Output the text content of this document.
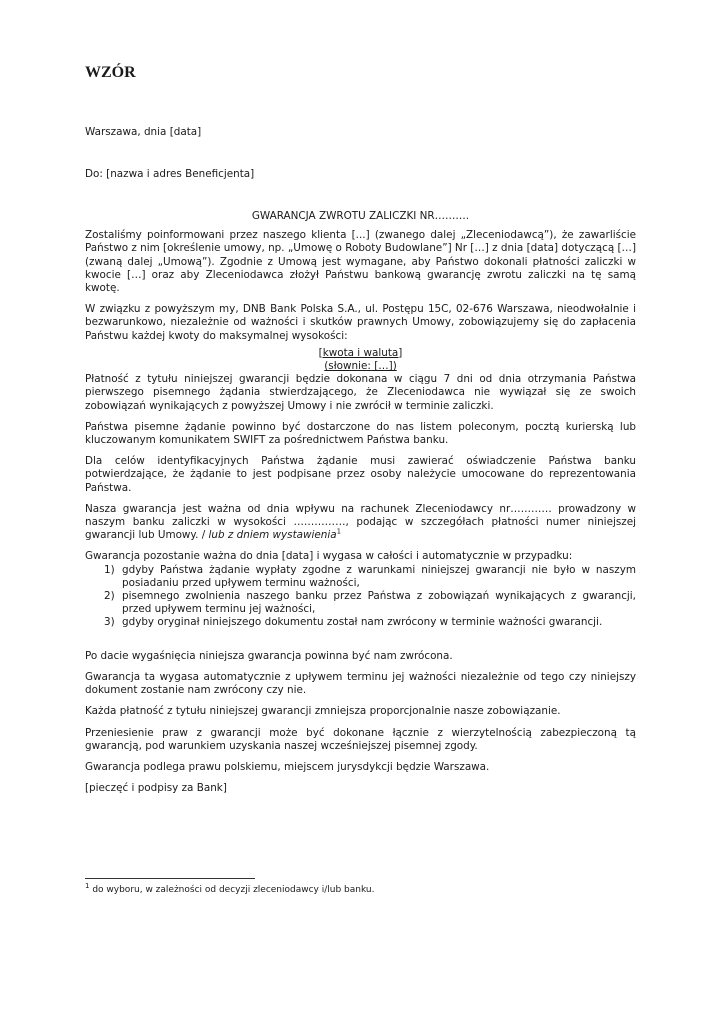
WZÓR
Warszawa, dnia [data]
Do: [nazwa i adres Beneficjenta]

GWARANCJA ZWROTU ZALICZKI NR……….

Zostaliśmy poinformowani przez naszego klienta [...] (zwanego dalej „Zleceniodawcą”), że zawarliście Państwo z nim [określenie umowy, np. „Umowę o Roboty Budowlane”] Nr […] z dnia [data] dotyczącą […] (zwaną dalej „Umową”). Zgodnie z Umową jest wymagane, aby Państwo dokonali płatności zaliczki w kwocie […] oraz aby Zleceniodawca złożył Państwu bankową gwarancję zwrotu zaliczki na tę samą kwotę.

W związku z powyższym my, DNB Bank Polska S.A., ul. Postępu 15C, 02-676 Warszawa, nieodwołalnie i bezwarunkowo, niezależnie od ważności i skutków prawnych Umowy, zobowiązujemy się do zapłacenia Państwu każdej kwoty do maksymalnej wysokości:

[kwota i waluta]

(słownie: […])

Płatność z tytułu niniejszej gwarancji będzie dokonana w ciągu 7 dni od dnia otrzymania Państwa pierwszego pisemnego żądania stwierdzającego, że Zleceniodawca nie wywiązał się ze swoich zobowiązań wynikających z powyższej Umowy i nie zwrócił w terminie zaliczki.

Państwa pisemne żądanie powinno być dostarczone do nas listem poleconym, pocztą kurierską lub kluczowanym komunikatem SWIFT za pośrednictwem Państwa banku.

Dla celów identyfikacyjnych Państwa żądanie musi zawierać oświadczenie Państwa banku potwierdzające, że żądanie to jest podpisane przez osoby należycie umocowane do reprezentowania Państwa.

Nasza gwarancja jest ważna od dnia wpływu na rachunek Zleceniodawcy nr………… prowadzony w naszym banku zaliczki w wysokości ……………, podając w szczegółach płatności numer niniejszej gwarancji lub Umowy. / lub z dniem wystawienia$^1$

Gwarancja pozostanie ważna do dnia [data] i wygasa w całości i automatycznie w przypadku:

1) gdyby Państwa żądanie wypłaty zgodne z warunkami niniejszej gwarancji nie było w naszym posiadaniu przed upływem terminu ważności,
2) pisemnego zwolnienia naszego banku przez Państwa z zobowiązań wynikających z gwarancji, przed upływem terminu jej ważności,
3) gdyby oryginał niniejszego dokumentu został nam zwrócony w terminie ważności gwarancji.

Po dacie wygaśnięcia niniejsza gwarancja powinna być nam zwrócona.

Gwarancja ta wygasa automatycznie z upływem terminu jej ważności niezależnie od tego czy niniejszy dokument zostanie nam zwrócony czy nie.

Każda płatność z tytułu niniejszej gwarancji zmniejsza proporcjonalnie nasze zobowiązanie.

Przeniesienie praw z gwarancji może być dokonane łącznie z wierzytelnością zabezpieczoną tą gwarancją, pod warunkiem uzyskania naszej wcześniejszej pisemnej zgody.

Gwarancja podlega prawu polskiemu, miejscem jurysdykcji będzie Warszawa.

[pieczęć i podpisy za Bank]

$^1$ do wyboru, w zależności od decyzji zleceniodawcy i/lub banku.
